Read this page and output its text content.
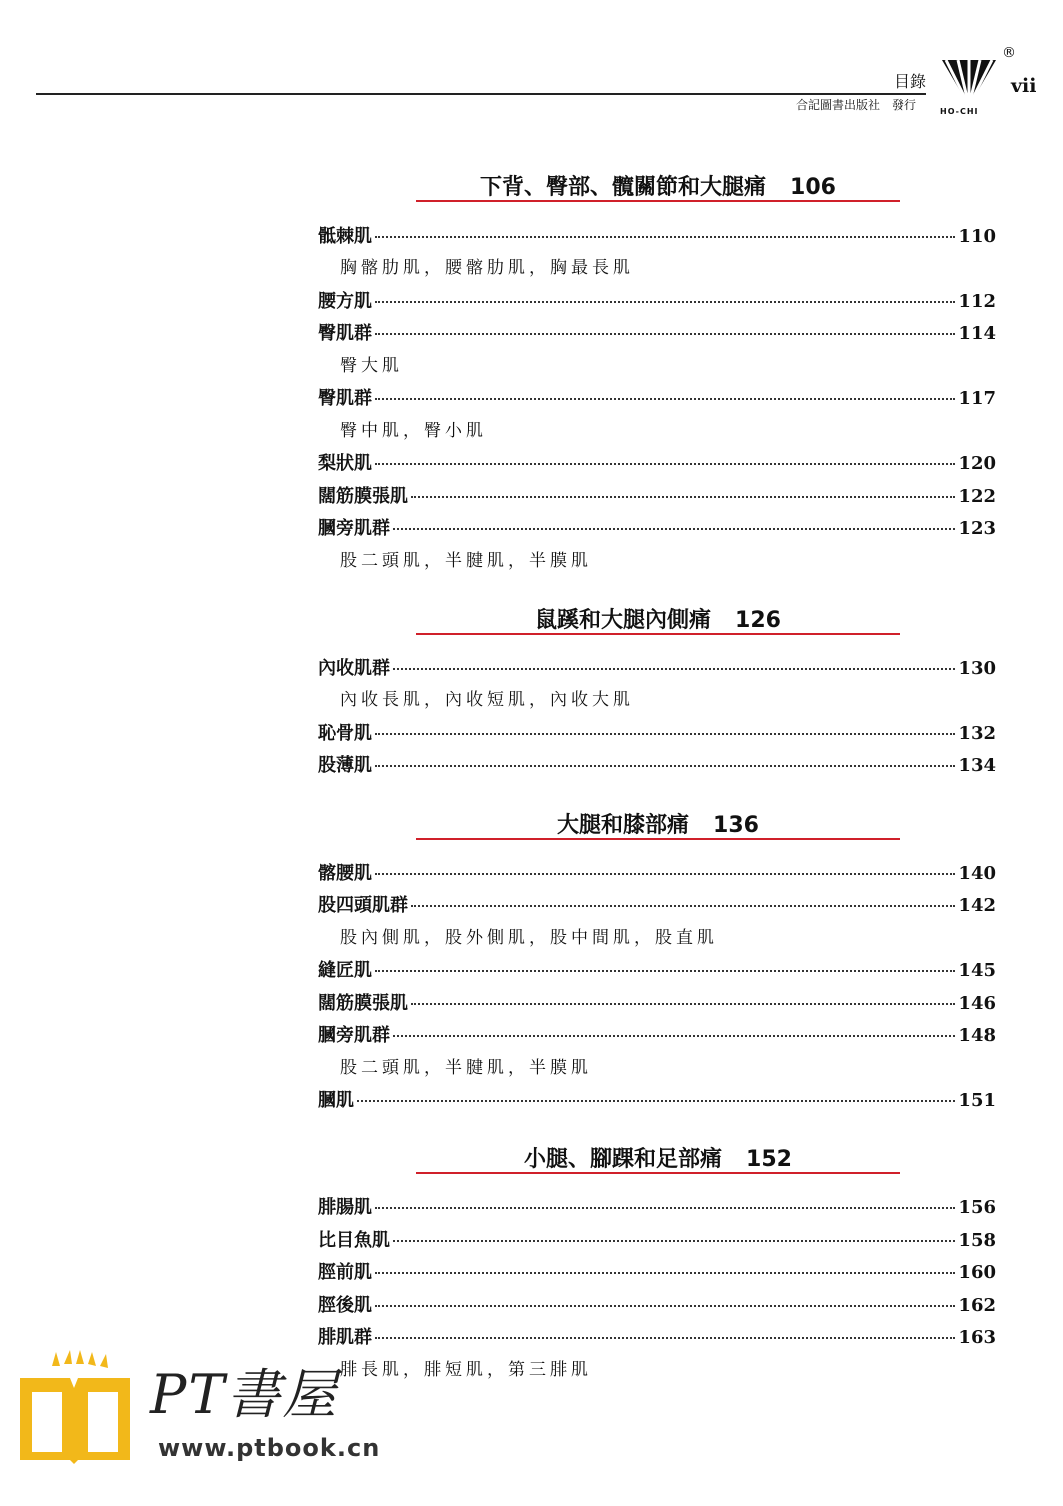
目錄
合記圖書出版社 發行	HO-CHI
®
vii
下背、臀部、髖關節和大腿痛 106
骶棘肌	110
胸髂肋肌，腰髂肋肌，胸最長肌
腰方肌	112
臀肌群	114
臀大肌
臀肌群	117
臀中肌，臀小肌
梨狀肌	120
闊筋膜張肌	122
膕旁肌群	123
股二頭肌，半腱肌，半膜肌
鼠蹊和大腿內側痛 126
內收肌群	130
內收長肌，內收短肌，內收大肌
恥骨肌	132
股薄肌	134
大腿和膝部痛 136
髂腰肌	140
股四頭肌群	142
股內側肌，股外側肌，股中間肌，股直肌
縫匠肌	145
闊筋膜張肌	146
膕旁肌群	148
股二頭肌，半腱肌，半膜肌
膕肌	151
小腿、腳踝和足部痛 152
腓腸肌	156
比目魚肌	158
脛前肌	160
脛後肌	162
腓肌群	163
腓長肌，腓短肌，第三腓肌
PT書屋
www.ptbook.cn
